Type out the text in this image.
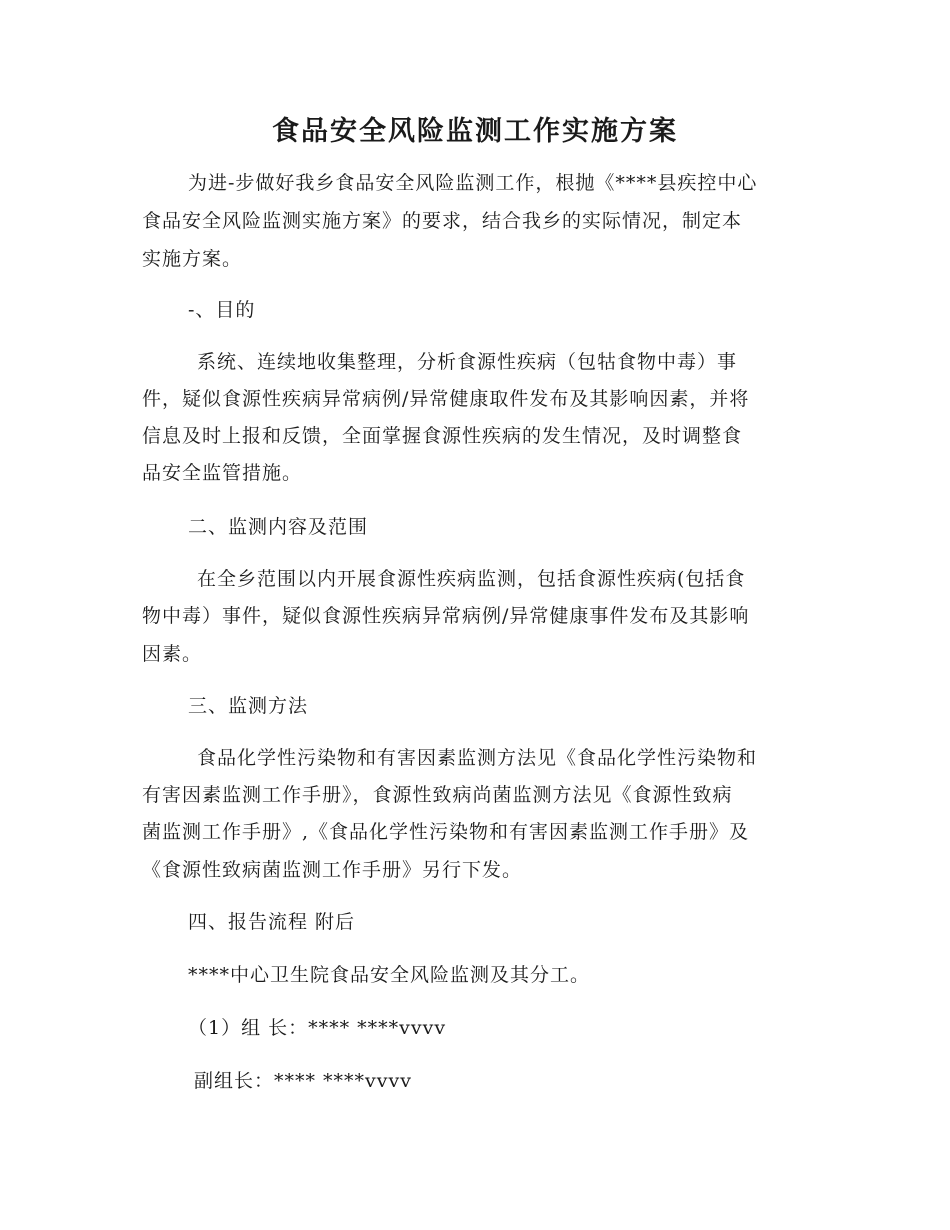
食品安全风险监测工作实施方案

为进-步做好我乡食品安全风险监测工作，根抛《****县疾控中心

食品安全风险监测实施方案》的要求，结合我乡的实际情况，制定本

实施方案。

-、目的

系统、连续地收集整理，分析食源性疾病（包牯食物中毒）事

件，疑似食源性疾病异常病例/异常健康取件发布及其影响因素，并将

信息及时上报和反馈，全面掌握食源性疾病的发生情况，及时调整食

品安全监管措施。

二、监测内容及范围

在全乡范围以内开展食源性疾病监测，包括食源性疾病(包括食

物中毒）事件，疑似食源性疾病异常病例/异常健康事件发布及其影响

因素。

三、监测方法

食品化学性污染物和有害因素监测方法见《食品化学性污染物和

有害因素监测工作手册》，食源性致病尚菌监测方法见《食源性致病

菌监测工作手册》,《食品化学性污染物和有害因素监测工作手册》及

《食源性致病菌监测工作手册》另行下发。

四、报告流程 附后

****中心卫生院食品安全风险监测及其分工。

（1）组 长：**** ****vvvv

副组长：**** ****vvvv
